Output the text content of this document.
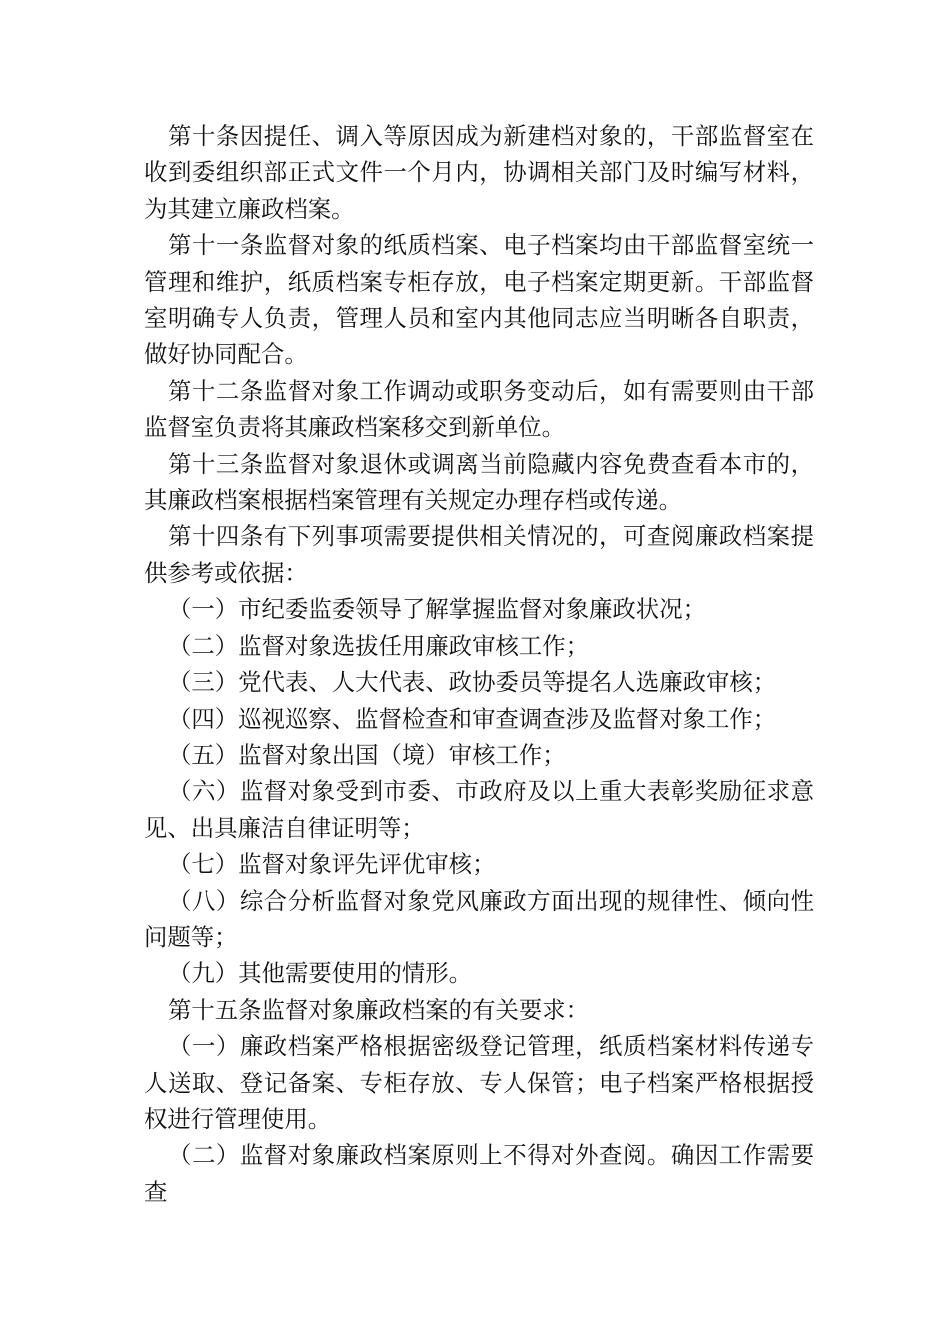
第十条因提任、调入等原因成为新建档对象的，干部监督室在收到委组织部正式文件一个月内，协调相关部门及时编写材料，为其建立廉政档案。

第十一条监督对象的纸质档案、电子档案均由干部监督室统一管理和维护，纸质档案专柜存放，电子档案定期更新。干部监督室明确专人负责，管理人员和室内其他同志应当明晰各自职责，做好协同配合。

第十二条监督对象工作调动或职务变动后，如有需要则由干部监督室负责将其廉政档案移交到新单位。

第十三条监督对象退休或调离当前隐藏内容免费查看本市的，其廉政档案根据档案管理有关规定办理存档或传递。

第十四条有下列事项需要提供相关情况的，可查阅廉政档案提供参考或依据：

（一）市纪委监委领导了解掌握监督对象廉政状况；

（二）监督对象选拔任用廉政审核工作；

（三）党代表、人大代表、政协委员等提名人选廉政审核；

（四）巡视巡察、监督检查和审查调查涉及监督对象工作；

（五）监督对象出国（境）审核工作；

（六）监督对象受到市委、市政府及以上重大表彰奖励征求意见、出具廉洁自律证明等；

（七）监督对象评先评优审核；

（八）综合分析监督对象党风廉政方面出现的规律性、倾向性问题等；

（九）其他需要使用的情形。

第十五条监督对象廉政档案的有关要求：

（一）廉政档案严格根据密级登记管理，纸质档案材料传递专人送取、登记备案、专柜存放、专人保管；电子档案严格根据授权进行管理使用。

（二）监督对象廉政档案原则上不得对外查阅。确因工作需要查
